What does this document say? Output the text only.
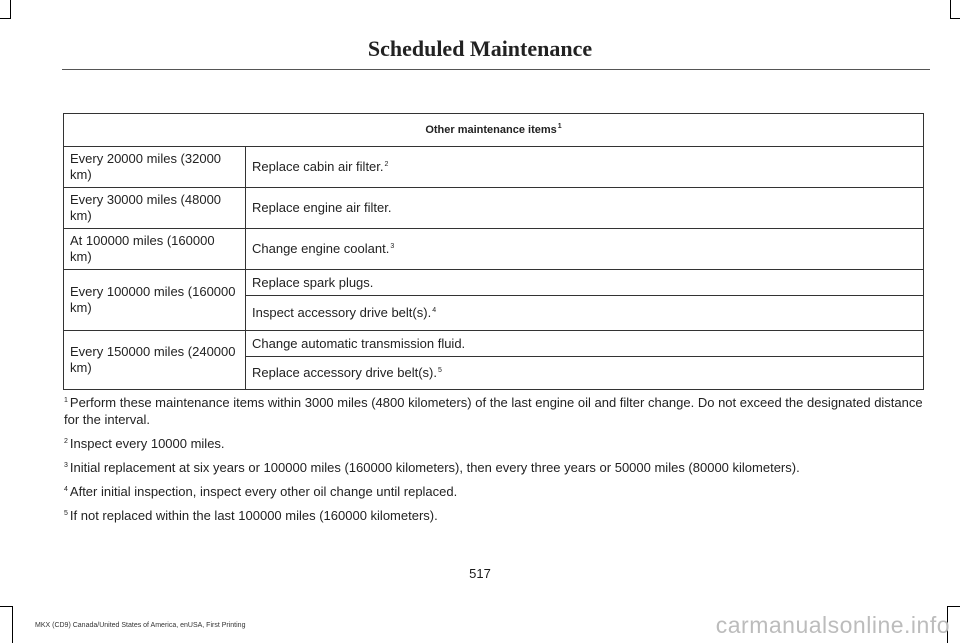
Scheduled Maintenance
Other maintenance items$^1$
Every 20000 miles (32000 km)	Replace cabin air filter.$^2$
Every 30000 miles (48000 km)	Replace engine air filter.
At 100000 miles (160000 km)	Change engine coolant.$^3$
Every 100000 miles (160000 km)	Replace spark plugs.
	Inspect accessory drive belt(s).$^4$
Every 150000 miles (240000 km)	Change automatic transmission fluid.
	Replace accessory drive belt(s).$^5$
$^1$ Perform these maintenance items within 3000 miles (4800 kilometers) of the last engine oil and filter change. Do not exceed the designated distance for the interval.
$^2$ Inspect every 10000 miles.
$^3$ Initial replacement at six years or 100000 miles (160000 kilometers), then every three years or 50000 miles (80000 kilometers).
$^4$ After initial inspection, inspect every other oil change until replaced.
$^5$ If not replaced within the last 100000 miles (160000 kilometers).
517
MKX (CD9) Canada/United States of America, enUSA, First Printing	carmanualsonline.info
